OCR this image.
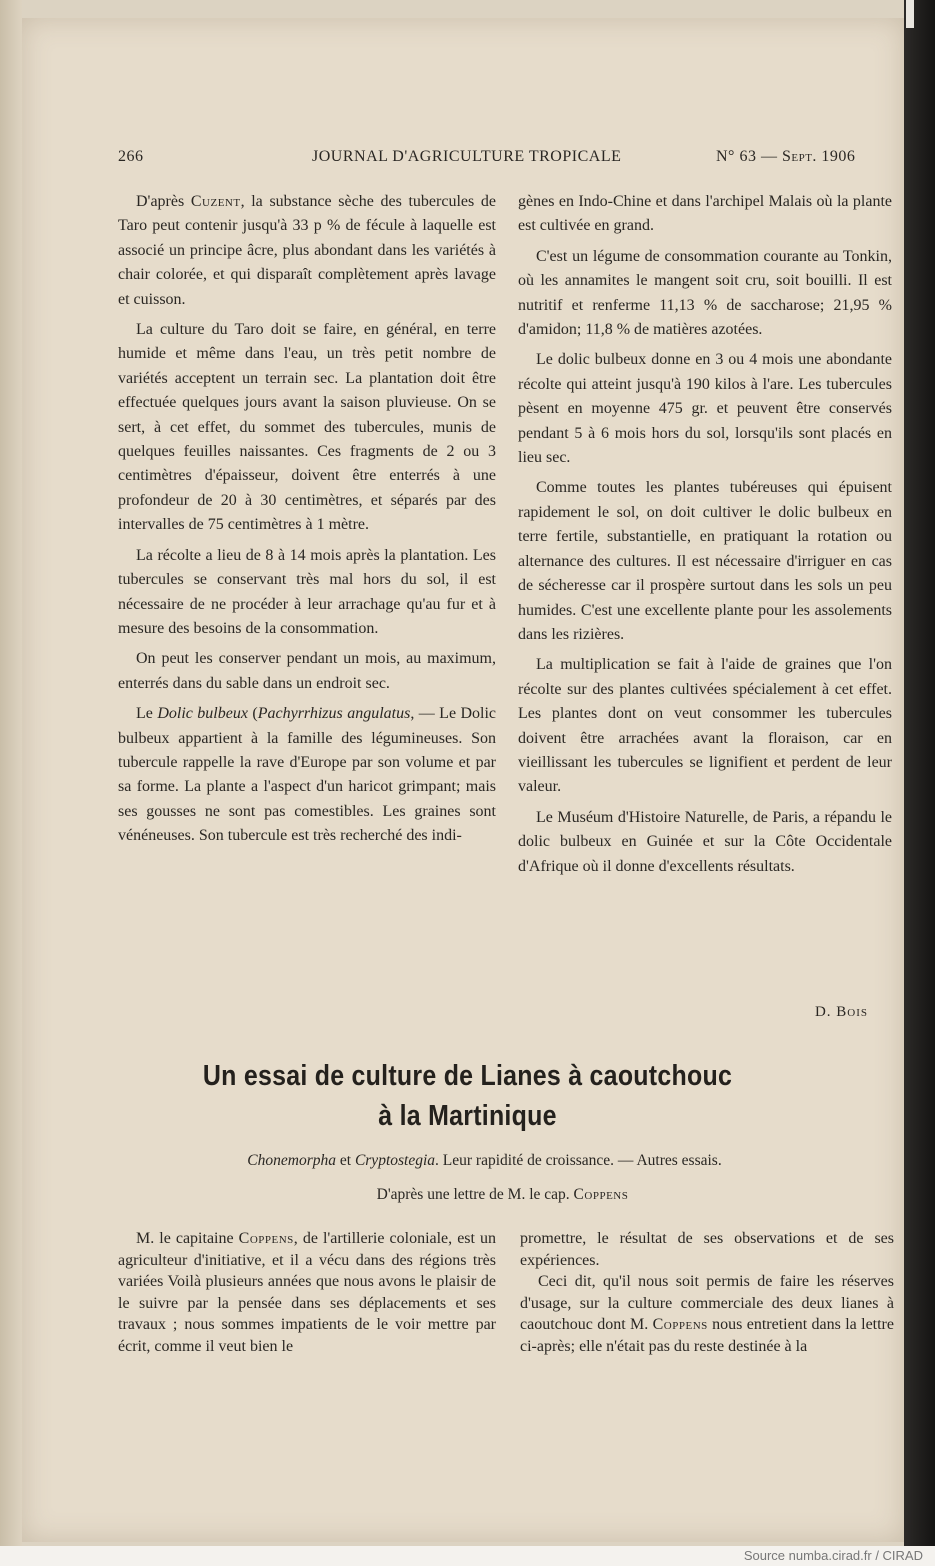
266	JOURNAL D'AGRICULTURE TROPICALE	N° 63 — Sept. 1906

D'après Cuzent, la substance sèche des tubercules de Taro peut contenir jusqu'à 33 p % de fécule à laquelle est associé un principe âcre, plus abondant dans les variétés à chair colorée, et qui disparaît complètement après lavage et cuisson.

La culture du Taro doit se faire, en général, en terre humide et même dans l'eau, un très petit nombre de variétés acceptent un terrain sec. La plantation doit être effectuée quelques jours avant la saison pluvieuse. On se sert, à cet effet, du sommet des tubercules, munis de quelques feuilles naissantes. Ces fragments de 2 ou 3 centimètres d'épaisseur, doivent être enterrés à une profondeur de 20 à 30 centimètres, et séparés par des intervalles de 75 centimètres à 1 mètre.

La récolte a lieu de 8 à 14 mois après la plantation. Les tubercules se conservant très mal hors du sol, il est nécessaire de ne procéder à leur arrachage qu'au fur et à mesure des besoins de la consommation.

On peut les conserver pendant un mois, au maximum, enterrés dans du sable dans un endroit sec.

Le Dolic bulbeux (Pachyrrhizus angulatus, — Le Dolic bulbeux appartient à la famille des légumineuses. Son tubercule rappelle la rave d'Europe par son volume et par sa forme. La plante a l'aspect d'un haricot grimpant; mais ses gousses ne sont pas comestibles. Les graines sont vénéneuses. Son tubercule est très recherché des indi-

gènes en Indo-Chine et dans l'archipel Malais où la plante est cultivée en grand.

C'est un légume de consommation courante au Tonkin, où les annamites le mangent soit cru, soit bouilli. Il est nutritif et renferme 11,13 % de saccharose; 21,95 % d'amidon; 11,8 % de matières azotées.

Le dolic bulbeux donne en 3 ou 4 mois une abondante récolte qui atteint jusqu'à 190 kilos à l'are. Les tubercules pèsent en moyenne 475 gr. et peuvent être conservés pendant 5 à 6 mois hors du sol, lorsqu'ils sont placés en lieu sec.

Comme toutes les plantes tubéreuses qui épuisent rapidement le sol, on doit cultiver le dolic bulbeux en terre fertile, substantielle, en pratiquant la rotation ou alternance des cultures. Il est nécessaire d'irriguer en cas de sécheresse car il prospère surtout dans les sols un peu humides. C'est une excellente plante pour les assolements dans les rizières.

La multiplication se fait à l'aide de graines que l'on récolte sur des plantes cultivées spécialement à cet effet. Les plantes dont on veut consommer les tubercules doivent être arrachées avant la floraison, car en vieillissant les tubercules se lignifient et perdent de leur valeur.

Le Muséum d'Histoire Naturelle, de Paris, a répandu le dolic bulbeux en Guinée et sur la Côte Occidentale d'Afrique où il donne d'excellents résultats.

D. Bois
Un essai de culture de Lianes à caoutchouc
à la Martinique
Chonemorpha et Cryptostegia. Leur rapidité de croissance. — Autres essais.
D'après une lettre de M. le cap. Coppens

M. le capitaine Coppens, de l'artillerie coloniale, est un agriculteur d'initiative, et il a vécu dans des régions très variées Voilà plusieurs années que nous avons le plaisir de le suivre par la pensée dans ses déplacements et ses travaux ; nous sommes impatients de le voir mettre par écrit, comme il veut bien le

promettre, le résultat de ses observations et de ses expériences.

Ceci dit, qu'il nous soit permis de faire les réserves d'usage, sur la culture commerciale des deux lianes à caoutchouc dont M. Coppens nous entretient dans la lettre ci-après; elle n'était pas du reste destinée à la

Source numba.cirad.fr / CIRAD
